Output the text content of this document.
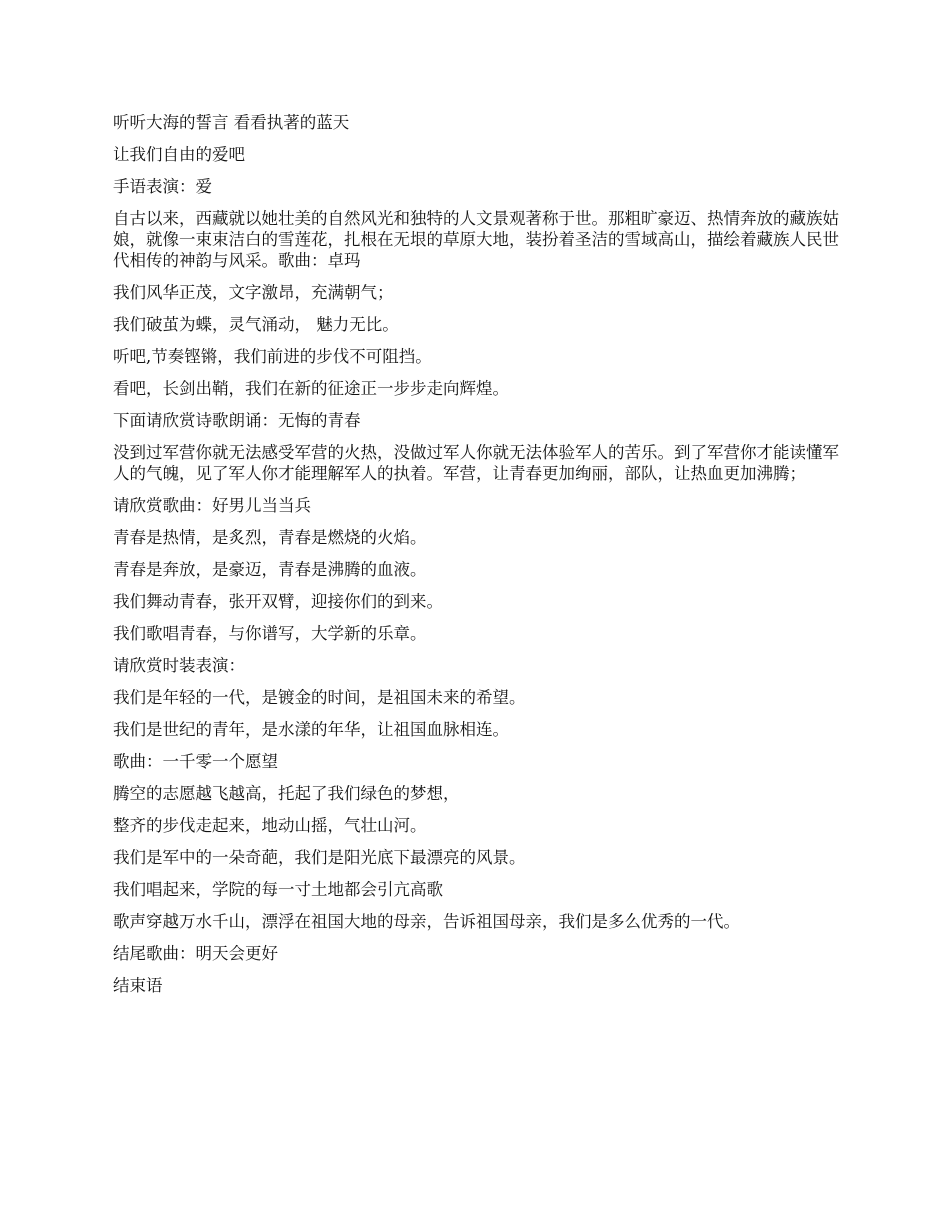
听听大海的誓言 看看执著的蓝天

让我们自由的爱吧

手语表演：爱

自古以来，西藏就以她壮美的自然风光和独特的人文景观著称于世。那粗旷豪迈、热情奔放的藏族姑娘，就像一束束洁白的雪莲花，扎根在无垠的草原大地，装扮着圣洁的雪域高山，描绘着藏族人民世代相传的神韵与风采。歌曲：卓玛

我们风华正茂，文字激昂，充满朝气；

我们破茧为蝶，灵气涌动， 魅力无比。

听吧,节奏铿锵，我们前进的步伐不可阻挡。

看吧，长剑出鞘，我们在新的征途正一步步走向辉煌。

下面请欣赏诗歌朗诵：无悔的青春

没到过军营你就无法感受军营的火热，没做过军人你就无法体验军人的苦乐。到了军营你才能读懂军人的气魄，见了军人你才能理解军人的执着。军营，让青春更加绚丽，部队，让热血更加沸腾；

请欣赏歌曲：好男儿当当兵

青春是热情，是炙烈，青春是燃烧的火焰。

青春是奔放，是豪迈，青春是沸腾的血液。

我们舞动青春，张开双臂，迎接你们的到来。

我们歌唱青春，与你谱写，大学新的乐章。

请欣赏时装表演：

我们是年轻的一代，是镀金的时间，是祖国未来的希望。

我们是世纪的青年，是水漾的年华，让祖国血脉相连。

歌曲：一千零一个愿望

腾空的志愿越飞越高，托起了我们绿色的梦想，

整齐的步伐走起来，地动山摇，气壮山河。

我们是军中的一朵奇葩，我们是阳光底下最漂亮的风景。

我们唱起来，学院的每一寸土地都会引亢高歌

歌声穿越万水千山，漂浮在祖国大地的母亲，告诉祖国母亲，我们是多么优秀的一代。

结尾歌曲：明天会更好

结束语
